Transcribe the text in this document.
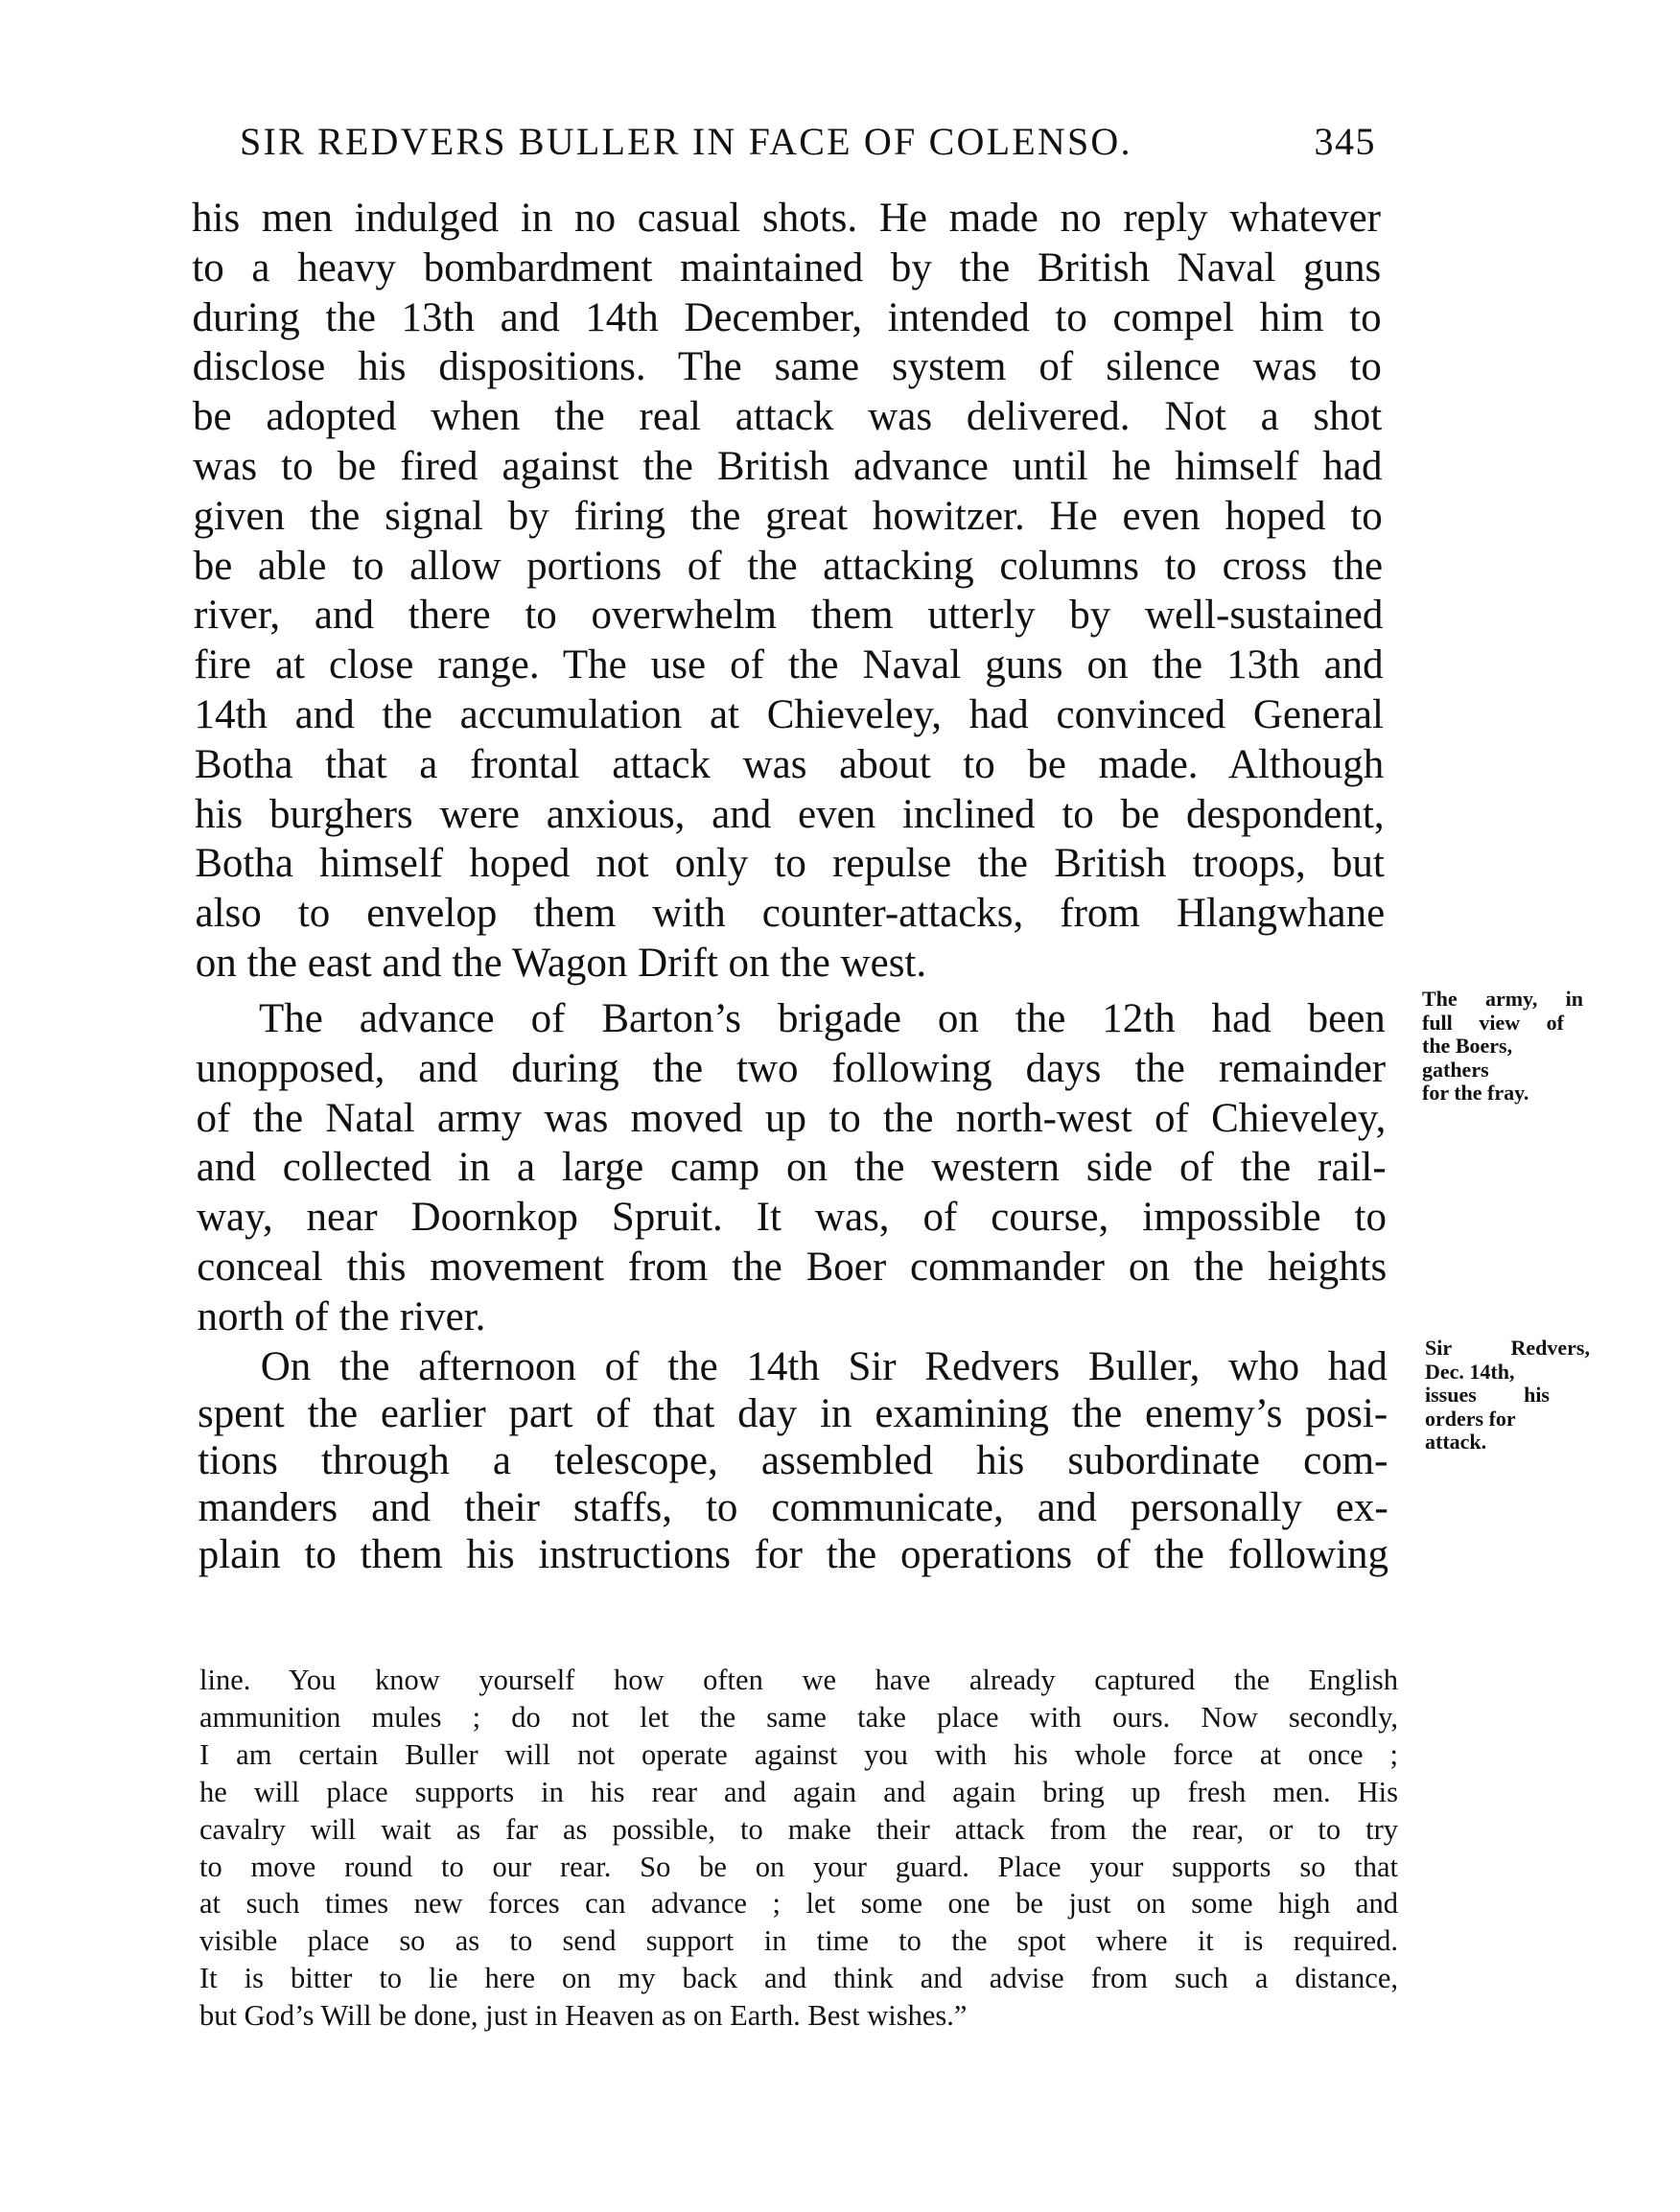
SIR REDVERS BULLER IN FACE OF COLENSO.	345
his men indulged in no casual shots. He made no reply whatever
to a heavy bombardment maintained by the British Naval guns
during the 13th and 14th December, intended to compel him to
disclose his dispositions. The same system of silence was to
be adopted when the real attack was delivered. Not a shot
was to be fired against the British advance until he himself had
given the signal by firing the great howitzer. He even hoped to
be able to allow portions of the attacking columns to cross the
river, and there to overwhelm them utterly by well-sustained
fire at close range. The use of the Naval guns on the 13th and
14th and the accumulation at Chieveley, had convinced General
Botha that a frontal attack was about to be made. Although
his burghers were anxious, and even inclined to be despondent,
Botha himself hoped not only to repulse the British troops, but
also to envelop them with counter-attacks, from Hlangwhane
on the east and the Wagon Drift on the west.
The advance of Barton’s brigade on the 12th had been
unopposed, and during the two following days the remainder
of the Natal army was moved up to the north-west of Chieveley,
and collected in a large camp on the western side of the rail-
way, near Doornkop Spruit. It was, of course, impossible to
conceal this movement from the Boer commander on the heights
north of the river.
On the afternoon of the 14th Sir Redvers Buller, who had
spent the earlier part of that day in examining the enemy’s posi-
tions through a telescope, assembled his subordinate com-
manders and their staffs, to communicate, and personally ex-
plain to them his instructions for the operations of the following
The army, in
full view of
the Boers,
gathers
for the fray.
Sir Redvers,
Dec. 14th,
issues his
orders for
attack.
line. You know yourself how often we have already captured the English
ammunition mules ; do not let the same take place with ours. Now secondly,
I am certain Buller will not operate against you with his whole force at once ;
he will place supports in his rear and again and again bring up fresh men. His
cavalry will wait as far as possible, to make their attack from the rear, or to try
to move round to our rear. So be on your guard. Place your supports so that
at such times new forces can advance ; let some one be just on some high and
visible place so as to send support in time to the spot where it is required.
It is bitter to lie here on my back and think and advise from such a distance,
but God’s Will be done, just in Heaven as on Earth. Best wishes.”
